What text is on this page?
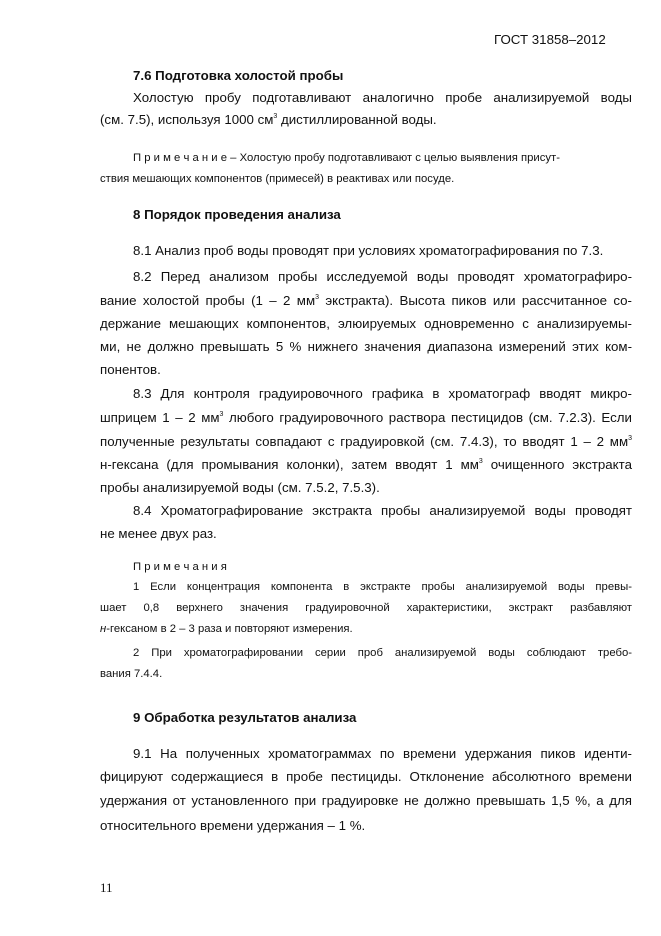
ГОСТ 31858–2012
7.6 Подготовка холостой пробы
Холостую пробу подготавливают аналогично пробе анализируемой воды
(см. 7.5), используя 1000 $см^3$ дистиллированной воды.
П р и м е ч а н и е – Холостую пробу подготавливают с целью выявления присут-
ствия мешающих компонентов (примесей) в реактивах или посуде.
8 Порядок проведения анализа
8.1 Анализ проб воды проводят при условиях хроматографирования по 7.3.
8.2 Перед анализом пробы исследуемой воды проводят хроматографиро-
вание холостой пробы (1 – 2 $мм^3$ экстракта). Высота пиков или рассчитанное со-
держание мешающих компонентов, элюируемых одновременно с анализируемы-
ми, не должно превышать 5 % нижнего значения диапазона измерений этих ком-
понентов.
8.3 Для контроля градуировочного графика в хроматограф вводят микро-
шприцем 1 – 2 $мм^3$ любого градуировочного раствора пестицидов (см. 7.2.3). Если
полученные результаты совпадают с градуировкой (см. 7.4.3), то вводят 1 – 2 $мм^3$
н-гексана (для промывания колонки), затем вводят 1 $мм^3$ очищенного экстракта
пробы анализируемой воды (см. 7.5.2, 7.5.3).
8.4 Хроматографирование экстракта пробы анализируемой воды проводят
не менее двух раз.
П р и м е ч а н и я
1 Если концентрация компонента в экстракте пробы анализируемой воды превы-
шает 0,8 верхнего значения градуировочной характеристики, экстракт разбавляют
н-гексаном в 2 – 3 раза и повторяют измерения.
2 При хроматографировании серии проб анализируемой воды соблюдают требо-
вания 7.4.4.
9 Обработка результатов анализа
9.1 На полученных хроматограммах по времени удержания пиков иденти-
фицируют содержащиеся в пробе пестициды. Отклонение абсолютного времени
удержания от установленного при градуировке не должно превышать 1,5 %, а для
относительного времени удержания – 1 %.
11
